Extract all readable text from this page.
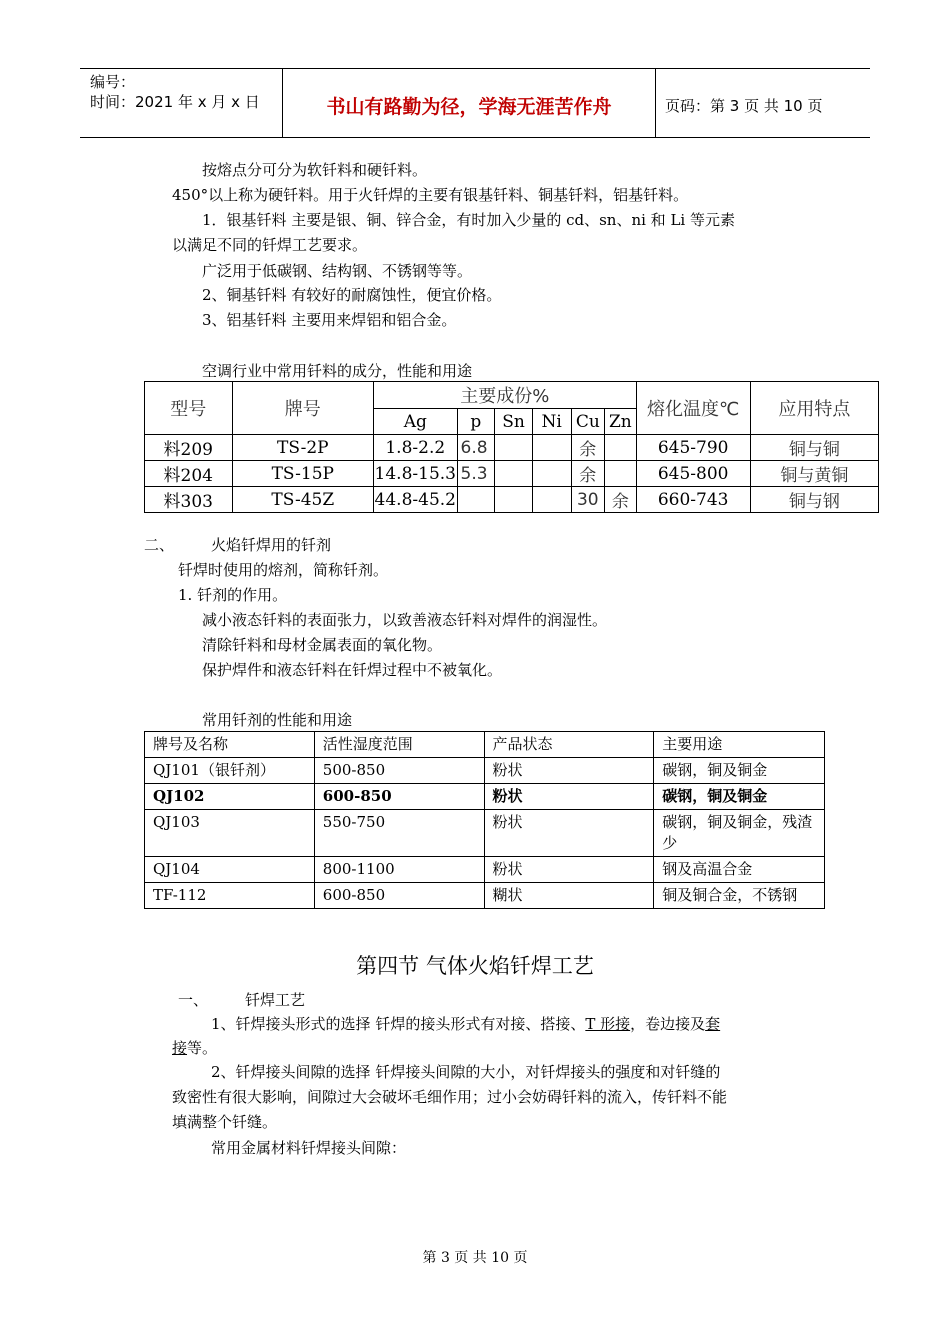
编号：
时间：2021 年 x 月 x 日	书山有路勤为径，学海无涯苦作舟	页码：第 3 页 共 10 页
按熔点分可分为软钎料和硬钎料。
450°以上称为硬钎料。用于火钎焊的主要有银基钎料、铜基钎料，铝基钎料。
1．银基钎料 主要是银、铜、锌合金，有时加入少量的 cd、sn、ni 和 Li 等元素
以满足不同的钎焊工艺要求。
广泛用于低碳钢、结构钢、不锈钢等等。
2、铜基钎料 有较好的耐腐蚀性，便宜价格。
3、铝基钎料 主要用来焊铝和铝合金。
空调行业中常用钎料的成分，性能和用途
型号	牌号	主要成份%						熔化温度℃	应用特点
		Ag	p	Sn	Ni	Cu	Zn		
料209	TS-2P	1.8-2.2	6.8			余		645-790	铜与铜
料204	TS-15P	14.8-15.3	5.3			余		645-800	铜与黄铜
料303	TS-45Z	44.8-45.2				30	余	660-743	铜与钢
二、 火焰钎焊用的钎剂
钎焊时使用的熔剂，简称钎剂。
1. 钎剂的作用。
减小液态钎料的表面张力，以致善液态钎料对焊件的润湿性。
清除钎料和母材金属表面的氧化物。
保护焊件和液态钎料在钎焊过程中不被氧化。
常用钎剂的性能和用途
牌号及名称	活性湿度范围	产品状态	主要用途
QJ101（银钎剂）	500-850	粉状	碳钢，铜及铜金
QJ102	600-850	粉状	碳钢，铜及铜金
QJ103	550-750	粉状	碳钢，铜及铜金，残渣少
QJ104	800-1100	粉状	钢及高温合金
TF-112	600-850	糊状	铜及铜合金，不锈钢
第四节 气体火焰钎焊工艺
一、 钎焊工艺
1、钎焊接头形式的选择 钎焊的接头形式有对接、搭接、T 形接，卷边接及套
接等。
2、钎焊接头间隙的选择 钎焊接头间隙的大小，对钎焊接头的强度和对钎缝的
致密性有很大影响，间隙过大会破坏毛细作用；过小会妨碍钎料的流入，传钎料不能
填满整个钎缝。
常用金属材料钎焊接头间隙：
第 3 页 共 10 页
